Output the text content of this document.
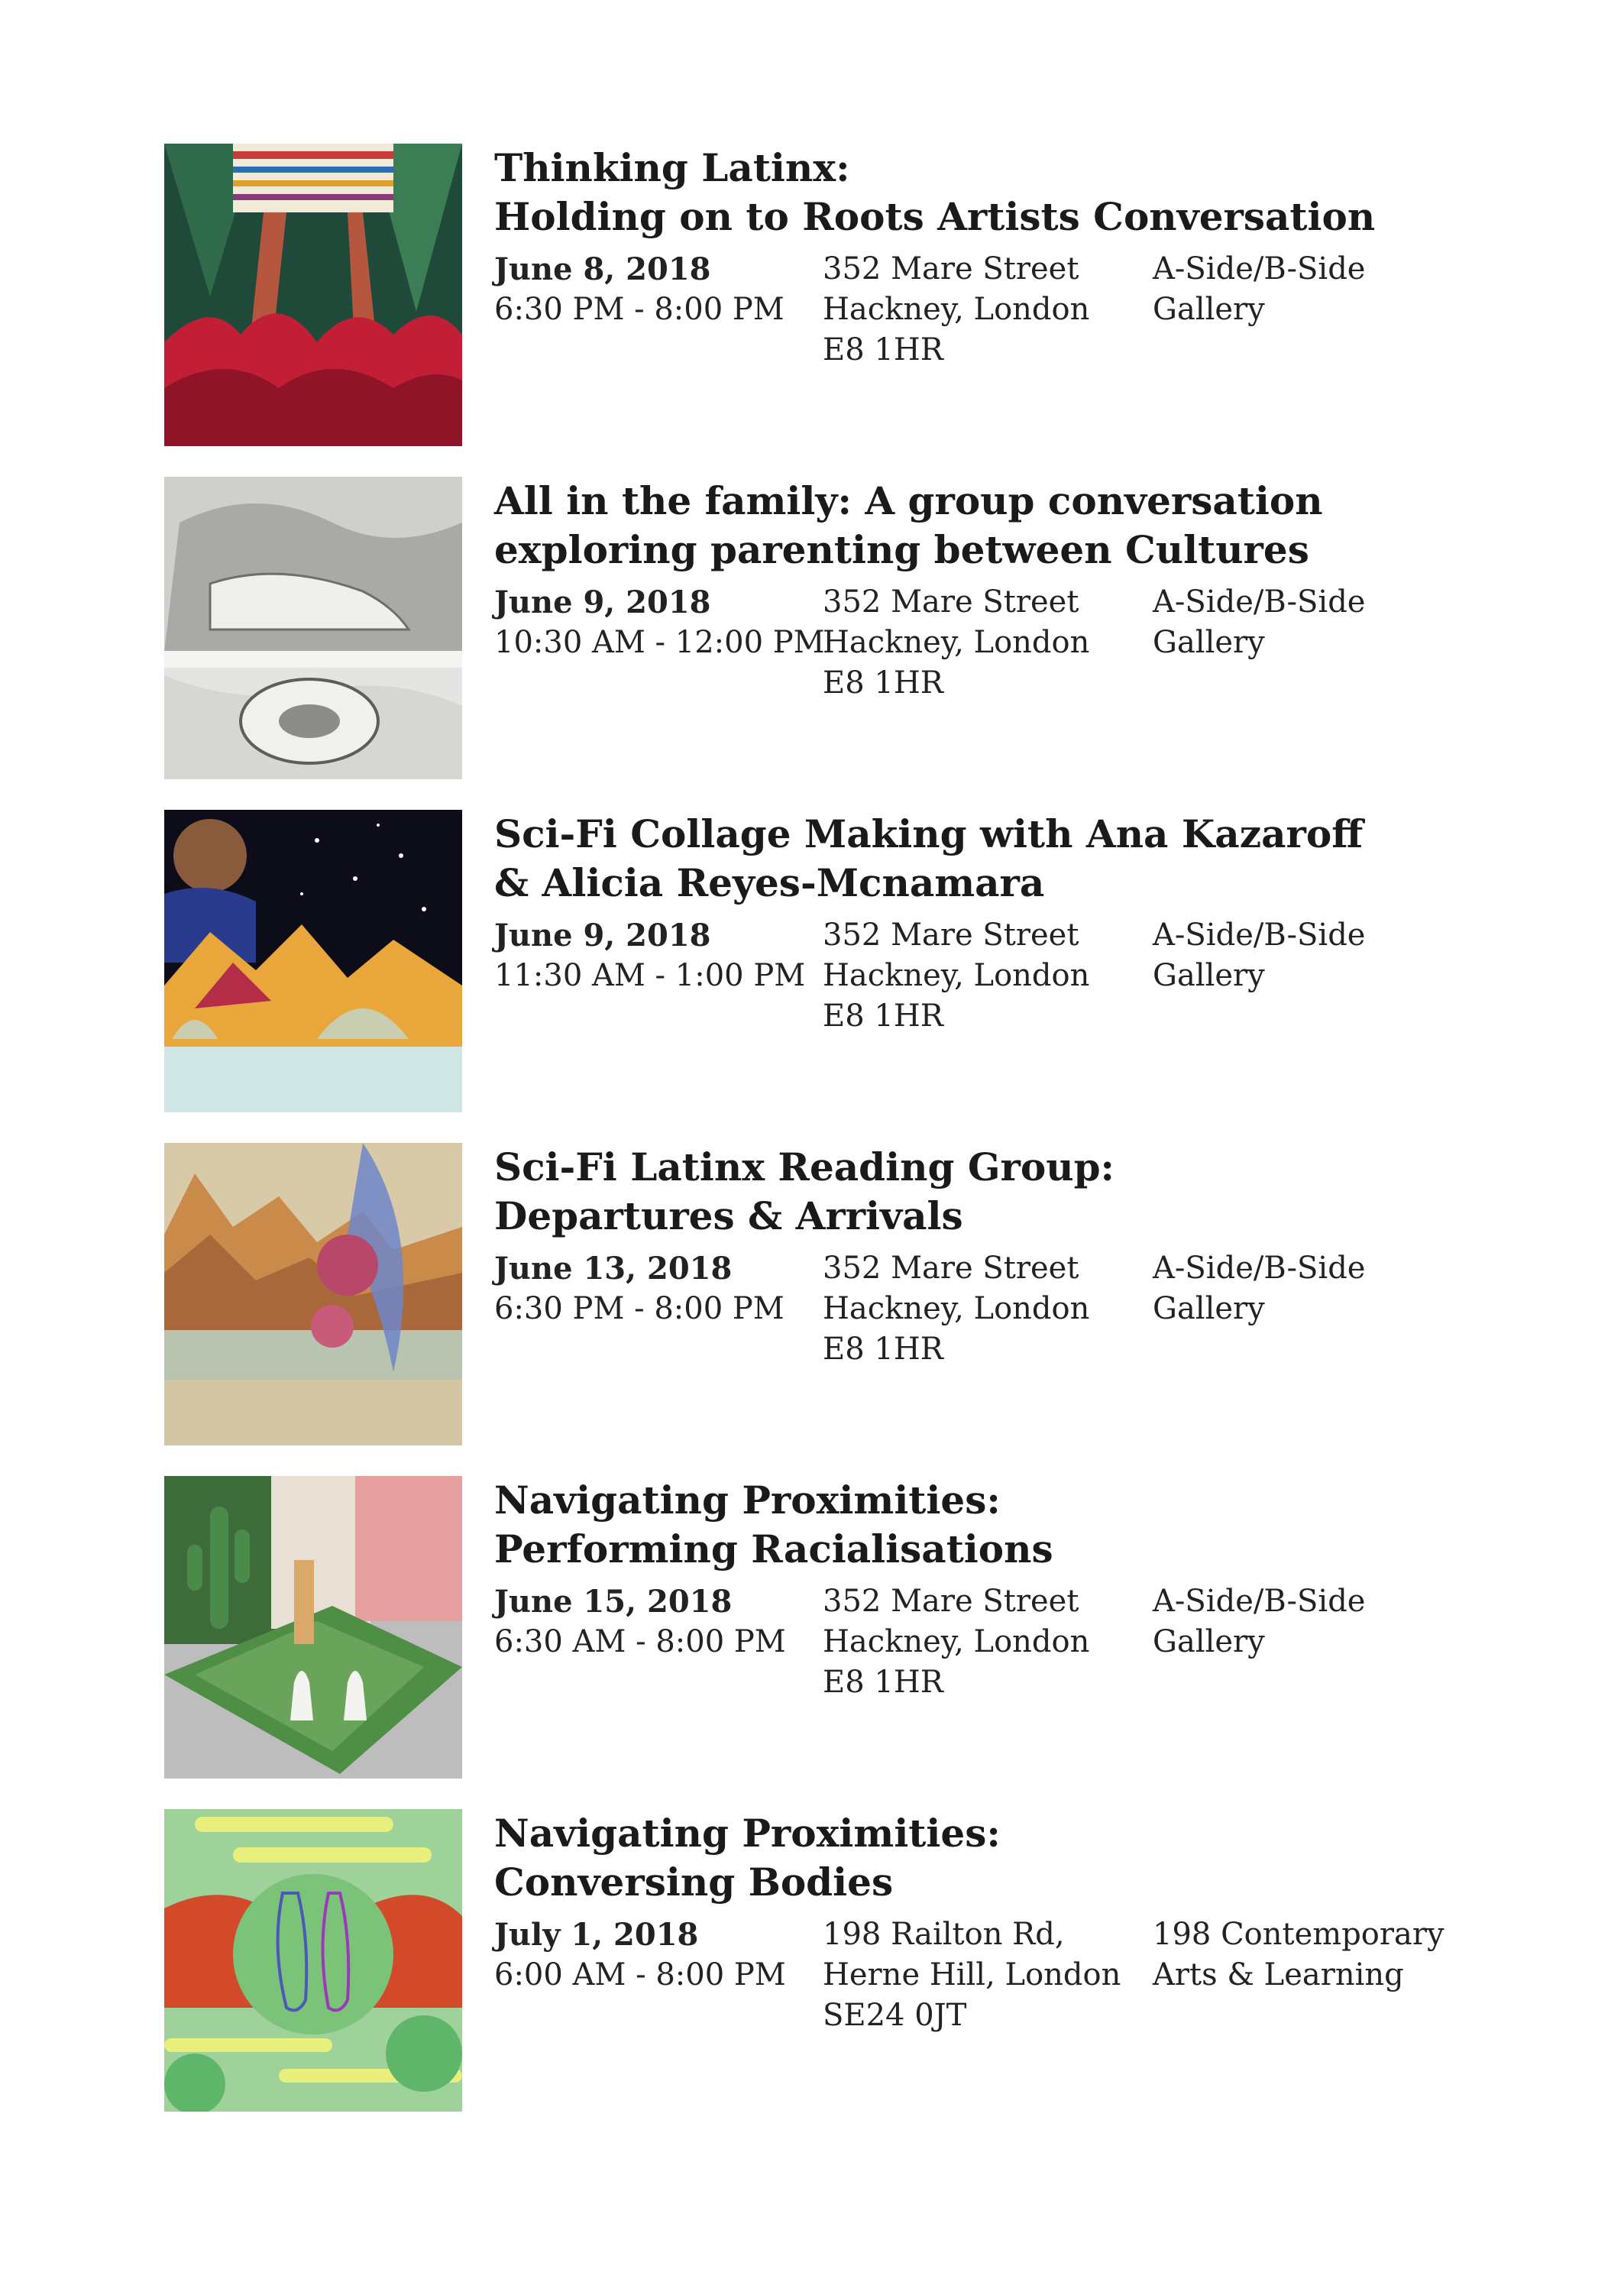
Thinking Latinx:
Holding on to Roots Artists Conversation
June 8, 2018
6:30 PM - 8:00 PM
352 Mare Street
Hackney, London
E8 1HR
A-Side/B-Side
Gallery
All in the family: A group conversation
exploring parenting between Cultures
June 9, 2018
10:30 AM - 12:00 PM
352 Mare Street
Hackney, London
E8 1HR
A-Side/B-Side
Gallery
Sci-Fi Collage Making with Ana Kazaroff
& Alicia Reyes-Mcnamara
June 9, 2018
11:30 AM - 1:00 PM
352 Mare Street
Hackney, London
E8 1HR
A-Side/B-Side
Gallery
Sci-Fi Latinx Reading Group:
Departures & Arrivals
June 13, 2018
6:30 PM - 8:00 PM
352 Mare Street
Hackney, London
E8 1HR
A-Side/B-Side
Gallery
Navigating Proximities:
Performing Racialisations
June 15, 2018
6:30 AM - 8:00 PM
352 Mare Street
Hackney, London
E8 1HR
A-Side/B-Side
Gallery
Navigating Proximities:
Conversing Bodies
July 1, 2018
6:00 AM - 8:00 PM
198 Railton Rd,
Herne Hill, London
SE24 0JT
198 Contemporary
Arts & Learning
